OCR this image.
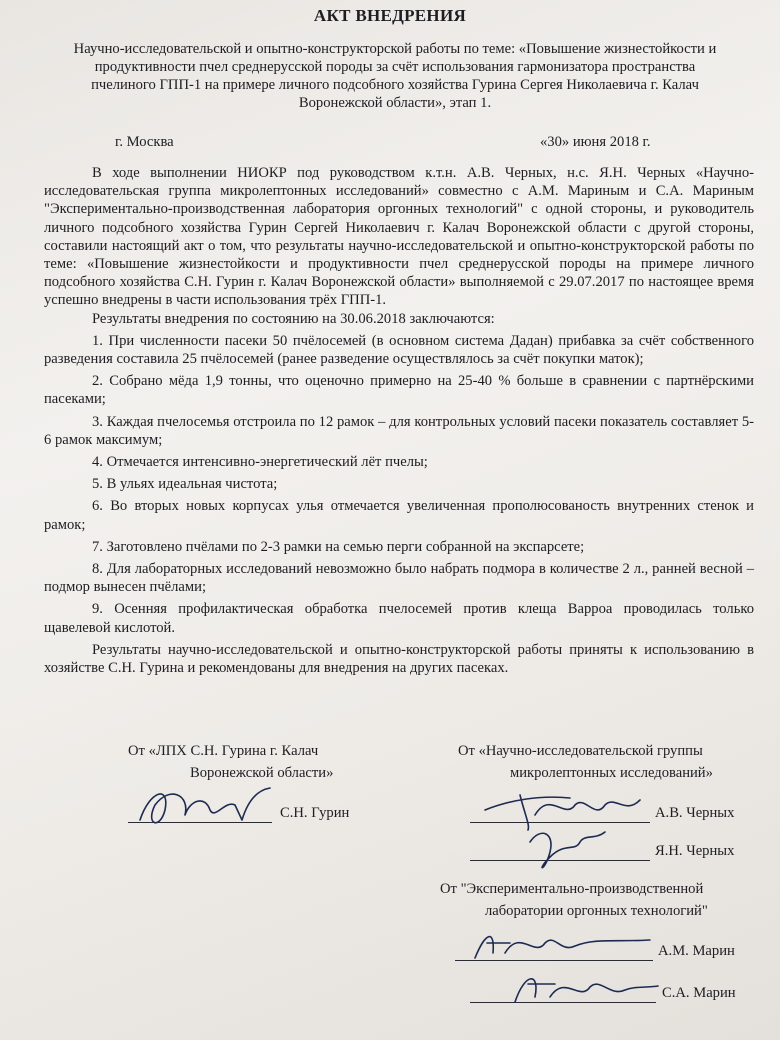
АКТ ВНЕДРЕНИЯ
Научно-исследовательской и опытно-конструкторской работы по теме: «Повышение жизнестойкости и продуктивности пчел среднерусской породы за счёт использования гармонизатора пространства пчелиного ГПП-1 на примере личного подсобного хозяйства Гурина Сергея Николаевича г. Калач Воронежской области», этап 1.
г. Москва	«30» июня 2018 г.

В ходе выполнении НИОКР под руководством к.т.н. А.В. Черных, н.с. Я.Н. Черных «Научно-исследовательская группа микролептонных исследований» совместно с А.М. Мариным и С.А. Мариным "Экспериментально-производственная лаборатория оргонных технологий" с одной стороны, и руководитель личного подсобного хозяйства Гурин Сергей Николаевич г. Калач Воронежской области с другой стороны, составили настоящий акт о том, что результаты научно-исследовательской и опытно-конструкторской работы по теме: «Повышение жизнестойкости и продуктивности пчел среднерусской породы на примере личного подсобного хозяйства С.Н. Гурин г. Калач Воронежской области» выполняемой с 29.07.2017 по настоящее время успешно внедрены в части использования трёх ГПП-1.

Результаты внедрения по состоянию на 30.06.2018 заключаются:

1. При численности пасеки 50 пчёлосемей (в основном система Дадан) прибавка за счёт собственного разведения составила 25 пчёлосемей (ранее разведение осуществлялось за счёт покупки маток);

2. Собрано мёда 1,9 тонны, что оценочно примерно на 25-40 % больше в сравнении с партнёрскими пасеками;

3. Каждая пчелосемья отстроила по 12 рамок – для контрольных условий пасеки показатель составляет 5-6 рамок максимум;

4. Отмечается интенсивно-энергетический лёт пчелы;

5. В ульях идеальная чистота;

6. Во вторых новых корпусах улья отмечается увеличенная прополюсованость внутренних стенок и рамок;

7. Заготовлено пчёлами по 2-3 рамки на семью перги собранной на экспарсете;

8. Для лабораторных исследований невозможно было набрать подмора в количестве 2 л., ранней весной – подмор вынесен пчёлами;

9. Осенняя профилактическая обработка пчелосемей против клеща Варроа проводилась только щавелевой кислотой.

Результаты научно-исследовательской и опытно-конструкторской работы приняты к использованию в хозяйстве С.Н. Гурина и рекомендованы для внедрения на других пасеках.

От «ЛПХ С.Н. Гурина г. Калач
Воронежской области»
С.Н. Гурин
От «Научно-исследовательской группы
микролептонных исследований»
А.В. Черных
Я.Н. Черных
От "Экспериментально-производственной
лаборатории оргонных технологий"
А.М. Марин
С.А. Марин
